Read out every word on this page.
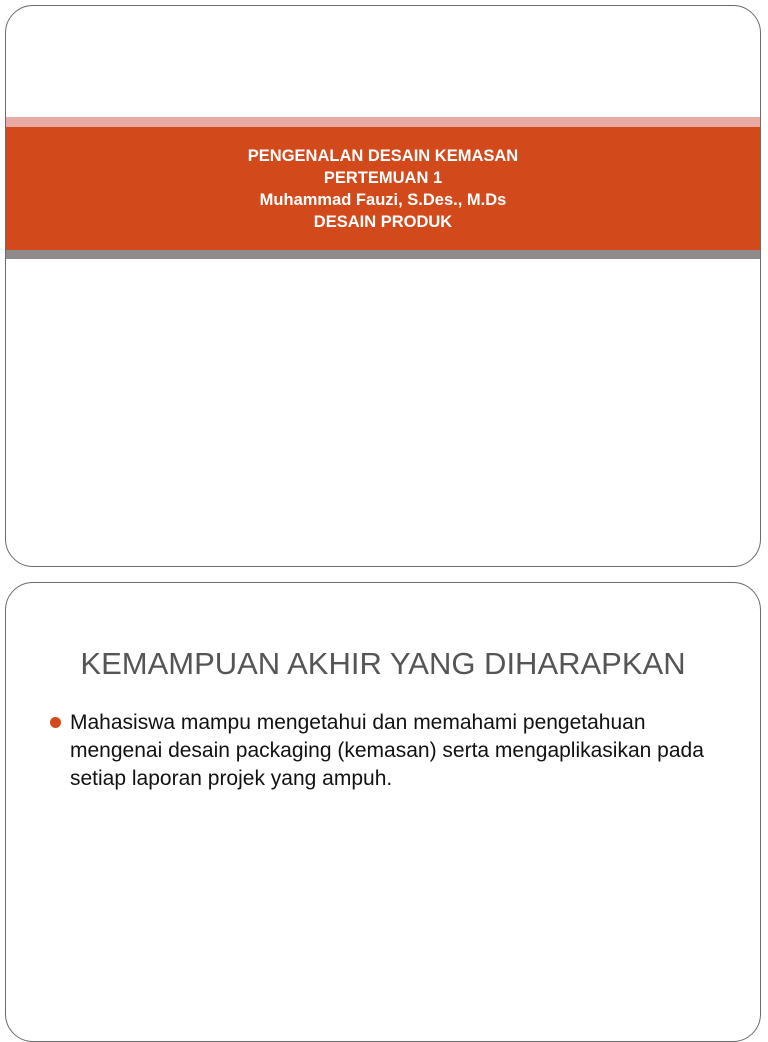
PENGENALAN DESAIN KEMASAN
PERTEMUAN 1
Muhammad Fauzi, S.Des., M.Ds
DESAIN PRODUK
KEMAMPUAN AKHIR YANG DIHARAPKAN
Mahasiswa mampu mengetahui dan memahami pengetahuan mengenai desain packaging (kemasan) serta mengaplikasikan pada setiap laporan projek yang ampuh.
